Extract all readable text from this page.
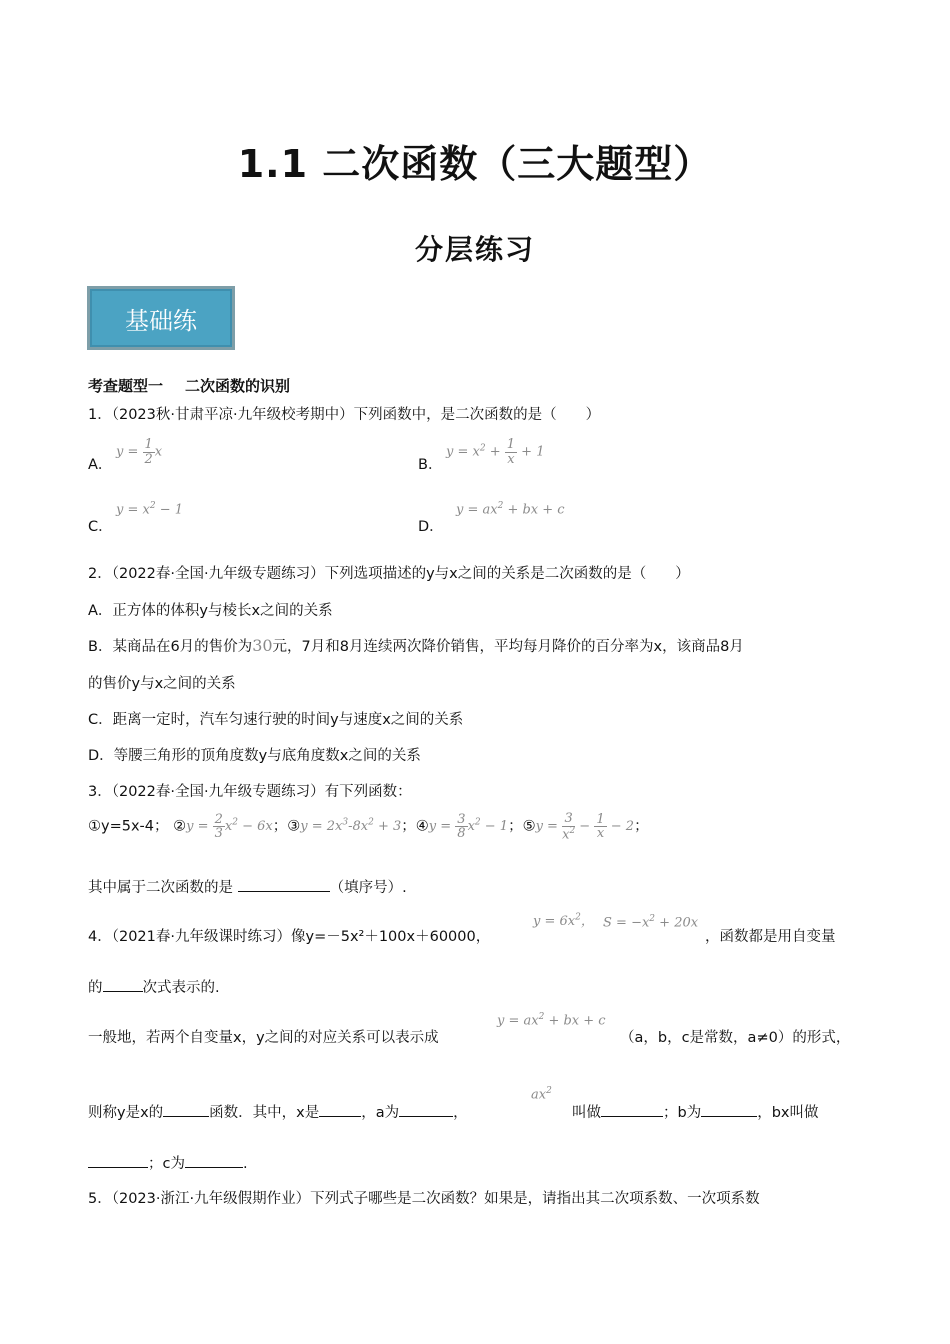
1.1 二次函数（三大题型）
分层练习
基础练
考查题型一 二次函数的识别
1．（2023秋·甘肃平凉·九年级校考期中）下列函数中，是二次函数的是（　　）
A．
$y = \frac{1}{2}$ x
B．
$y = x^2 + \frac{1}{x} + 1$
C．
$y = x^2 - 1$
D．
$y = ax^2$ + bx + c
2．（2022春·全国·九年级专题练习）下列选项描述的y与x之间的关系是二次函数的是（　　）
A．正方体的体积y与棱长x之间的关系
B．某商品在6月的售价为30元，7月和8月连续两次降价销售，平均每月降价的百分率为x，该商品8月
的售价y与x之间的关系
C．距离一定时，汽车匀速行驶的时间y与速度x之间的关系
D．等腰三角形的顶角度数y与底角度数x之间的关系
3．（2022春·全国·九年级专题练习）有下列函数：
①y=5x-4； ②y = $\frac{2}{3} x^2 - 6x$；③y = $2x^3-8x^2 + 3$；④y = $\frac{3}{8} x^2 - 1$；⑤y = $\frac{3}{x^2} - \frac{1}{x} - 2$；
其中属于二次函数的是	（填序号）.
4．（2021春·九年级课时练习）像y=－5x²＋100x＋60000，
$y = 6x^2$， $S = -x^2 + 20x$
，函数都是用自变量
的	次式表示的.
一般地，若两个自变量x，y之间的对应关系可以表示成
$y = ax^2$ + bx + c
（a，b，c是常数，a≠0）的形式，
则称y是x的	函数．其中，x是	，a为	，
$ax^2$
叫做	；b为	，bx叫做
；c为	.
5．（2023·浙江·九年级假期作业）下列式子哪些是二次函数？如果是，请指出其二次项系数、一次项系数
